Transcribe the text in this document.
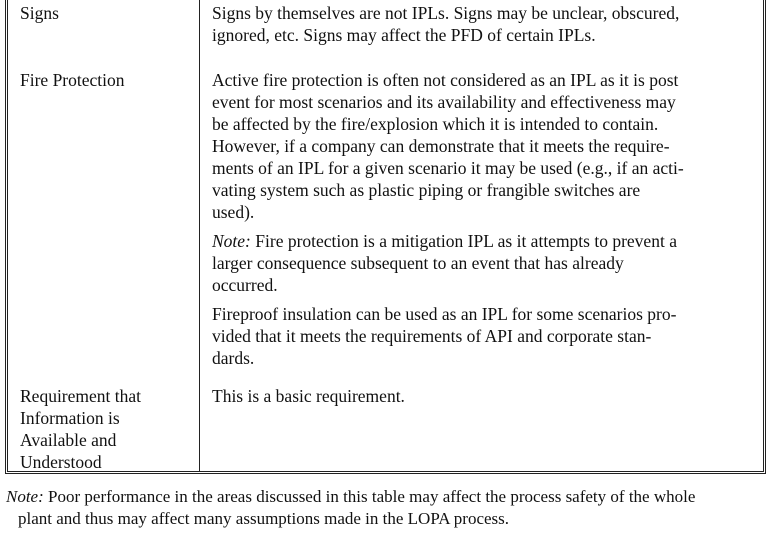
Signs	Signs by themselves are not IPLs. Signs may be unclear, obscured,
ignored, etc. Signs may affect the PFD of certain IPLs.
Fire Protection	Active fire protection is often not considered as an IPL as it is post
event for most scenarios and its availability and effectiveness may
be affected by the fire/explosion which it is intended to contain.
However, if a company can demonstrate that it meets the require-
ments of an IPL for a given scenario it may be used (e.g., if an acti-
vating system such as plastic piping or frangible switches are
used).
Note: Fire protection is a mitigation IPL as it attempts to prevent a
larger consequence subsequent to an event that has already
occurred.
Fireproof insulation can be used as an IPL for some scenarios pro-
vided that it meets the requirements of API and corporate stan-
dards.
Requirement that
Information is
Available and
Understood
This is a basic requirement.
Note: Poor performance in the areas discussed in this table may affect the process safety of the whole
plant and thus may affect many assumptions made in the LOPA process.
